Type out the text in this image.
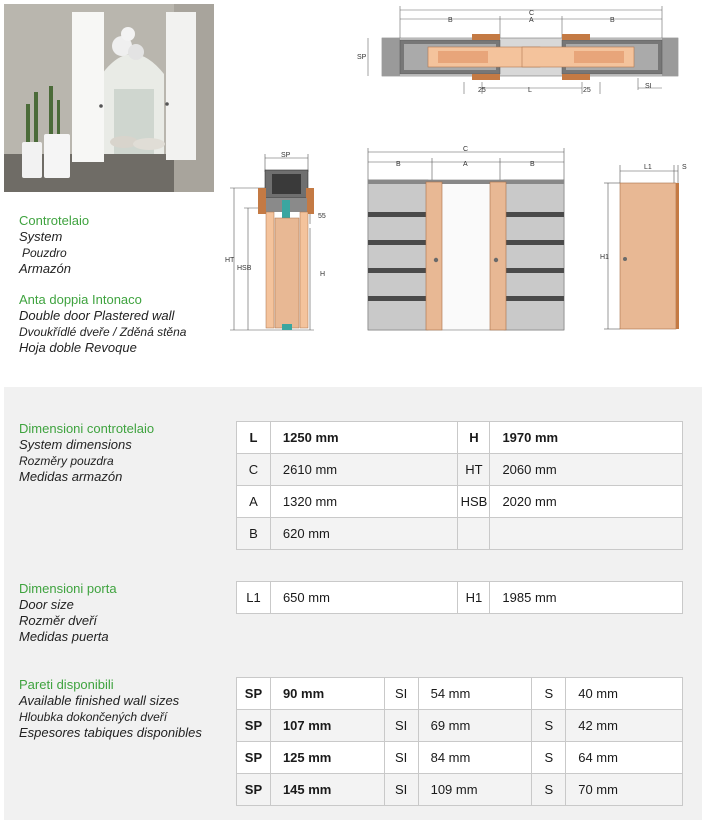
Controtelaio
System
Pouzdro
Armazón
Anta doppia Intonaco
Double door Plastered wall
Dvoukřídlé dveře / Zděná stěna
Hoja doble Revoque
B
C
A	B
SP
25	L	25
SI
SP
HT
HSB
55
H
C
B	A	B	L1	S
H1
Dimensioni controtelaio
System dimensions
Rozměry pouzdra
Medidas armazón
L	1250 mm	H	1970 mm
C	2610 mm	HT	2060 mm
A	1320 mm	HSB	2020 mm
B	620 mm		
Dimensioni porta
Door size
Rozměr dveří
Medidas puerta
L1	650 mm	H1	1985 mm
Pareti disponibili
Available finished wall sizes
Hloubka dokončených dveří
Espesores tabiques disponibles
SP	90 mm	SI	54 mm	S	40 mm
SP	107 mm	SI	69 mm	S	42 mm
SP	125 mm	SI	84 mm	S	64 mm
SP	145 mm	SI	109 mm	S	70 mm
